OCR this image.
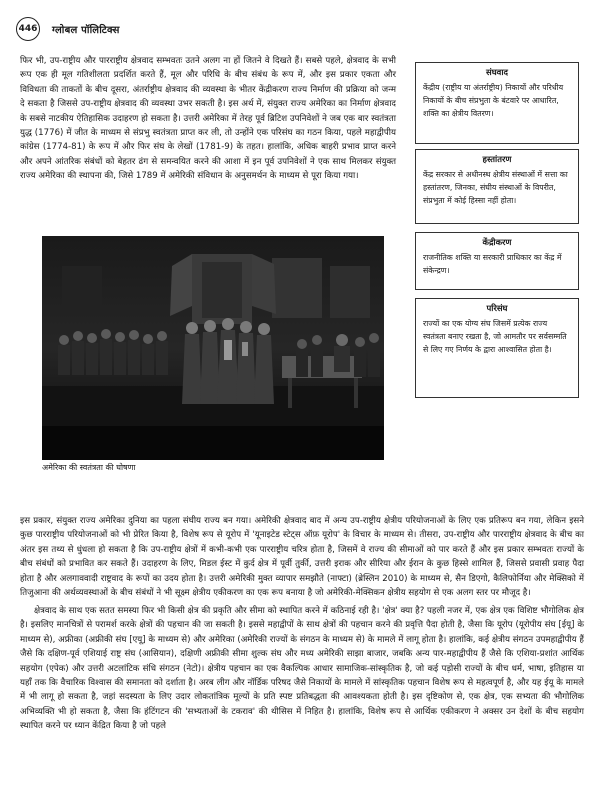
446 ग्लोबल पॉलिटिक्स

फिर भी, उप-राष्ट्रीय और पारराष्ट्रीय क्षेत्रवाद सम्भवतः उतने अलग ना हों जितने वे दिखते हैं। सबसे पहले, क्षेत्रवाद के सभी रूप एक ही मूल गतिशीलता प्रदर्शित करते हैं, मूल और परिधि के बीच संबंध के रूप में, और इस प्रकार एकता और विविधता की ताकतों के बीच दूसरा, अंतर्राष्ट्रीय क्षेत्रवाद की व्यवस्था के भीतर केंद्रीकरण राज्य निर्माण की प्रक्रिया को जन्म दे सकता है जिससे उप-राष्ट्रीय क्षेत्रवाद की व्यवस्था उभर सकती है। इस अर्थ में, संयुक्त राज्य अमेरिका का निर्माण क्षेत्रवाद के सबसे नाटकीय ऐतिहासिक उदाहरण हो सकता है। उत्तरी अमेरिका में तेरह पूर्व ब्रिटिश उपनिवेशों ने जब एक बार स्वतंत्रता युद्ध (1776) में जीत के माध्यम से संप्रभु स्वतंत्रता प्राप्त कर ली, तो उन्होंने एक परिसंघ का गठन किया, पहले महाद्वीपीय कांग्रेस (1774-81) के रूप में और फिर संघ के लेखों (1781-9) के तहत। हालांकि, अधिक बाहरी प्रभाव प्राप्त करने और अपने आंतरिक संबंधों को बेहतर ढंग से समन्वयित करने की आशा में इन पूर्व उपनिवेशों ने एक साथ मिलकर संयुक्त राज्य अमेरिका की स्थापना की, जिसे 1789 में अमेरिकी संविधान के अनुसमर्थन के माध्यम से पूरा किया गया।

संघवाद
केंद्रीय (राष्ट्रीय या अंतर्राष्ट्रीय) निकायों और परिधीय निकायों के बीच संप्रभुता के बंटवारे पर आधारित, शक्ति का क्षेत्रीय वितरण।
हस्तांतरण
केंद्र सरकार से अधीनस्थ क्षेत्रीय संस्थाओं में सत्ता का हस्तांतरण, जिनका, संघीय संस्थाओं के विपरीत, संप्रभुता में कोई हिस्सा नहीं होता।
केंद्रीकरण
राजनीतिक शक्ति या सरकारी प्राधिकार का केंद्र में संकेन्द्रण।
परिसंघ
राज्यों का एक योग्य संघ जिसमें प्रत्येक राज्य स्वतंत्रता बनाए रखता है, जो आमतौर पर सर्वसम्मति से लिए गए निर्णय के द्वारा आश्वासित होता है।
अमेरिका की स्वतंत्रता की घोषणा

इस प्रकार, संयुक्त राज्य अमेरिका दुनिया का पहला संघीय राज्य बन गया। अमेरिकी क्षेत्रवाद बाद में अन्य उप-राष्ट्रीय क्षेत्रीय परियोजनाओं के लिए एक प्रतिरूप बन गया, लेकिन इसने कुछ पारराष्ट्रीय परियोजनाओं को भी प्रेरित किया है, विशेष रूप से यूरोप में 'यूनाइटेड स्टेट्स ऑफ़ यूरोप' के विचार के माध्यम से। तीसरा, उप-राष्ट्रीय और पारराष्ट्रीय क्षेत्रवाद के बीच का अंतर इस तथ्य से धुंधला हो सकता है कि उप-राष्ट्रीय क्षेत्रों में कभी-कभी एक पारराष्ट्रीय चरित्र होता है, जिसमें वे राज्य की सीमाओं को पार करते हैं और इस प्रकार सम्भवतः राज्यों के बीच संबंधों को प्रभावित कर सकते हैं। उदाहरण के लिए, मिडल ईस्ट में कुर्द क्षेत्र में पूर्वी तुर्की, उत्तरी इराक और सीरिया और ईरान के कुछ हिस्से शामिल हैं, जिससे प्रवासी प्रवाह पैदा होता है और अलगाववादी राष्ट्रवाद के रूपों का उदय होता है। उत्तरी अमेरिकी मुक्त व्यापार समझौते (नाफ्टा) (ब्रेस्लिन 2010) के माध्यम से, सैन डिएगो, कैलिफोर्निया और मेक्सिको में तिजुआना की अर्थव्यवस्थाओं के बीच संबंधों ने भी सूक्ष्म क्षेत्रीय एकीकरण का एक रूप बनाया है जो अमेरिकी-मेक्सिकन क्षेत्रीय सहयोग से एक अलग स्तर पर मौजूद है।

क्षेत्रवाद के साथ एक सतत समस्या फिर भी किसी क्षेत्र की प्रकृति और सीमा को स्थापित करने में कठिनाई रही है। 'क्षेत्र' क्या है? पहली नजर में, एक क्षेत्र एक विशिष्ट भौगोलिक क्षेत्र है। इसलिए मानचित्रों से परामर्श करके क्षेत्रों की पहचान की जा सकती है। इससे महाद्वीपों के साथ क्षेत्रों की पहचान करने की प्रवृत्ति पैदा होती है, जैसा कि यूरोप (यूरोपीय संघ [ईयू] के माध्यम से), अफ्रीका (अफ्रीकी संघ [एयू] के माध्यम से) और अमेरिका (अमेरिकी राज्यों के संगठन के माध्यम से) के मामले में लागू होता है। हालांकि, कई क्षेत्रीय संगठन उपमहाद्वीपीय हैं जैसे कि दक्षिण-पूर्व एशियाई राष्ट्र संघ (आसियान), दक्षिणी अफ्रीकी सीमा शुल्क संघ और मध्य अमेरिकी साझा बाजार, जबकि अन्य पार-महाद्वीपीय हैं जैसे कि एशिया-प्रशांत आर्थिक सहयोग (एपेक) और उत्तरी अटलांटिक संधि संगठन (नेटो)। क्षेत्रीय पहचान का एक वैकल्पिक आधार सामाजिक-सांस्कृतिक है, जो कई पड़ोसी राज्यों के बीच धर्म, भाषा, इतिहास या यहाँ तक कि वैचारिक विश्वास की समानता को दर्शाता है। अरब लीग और नॉर्डिक परिषद जैसे निकायों के मामले में सांस्कृतिक पहचान विशेष रूप से महत्वपूर्ण है, और यह ईयू के मामले में भी लागू हो सकता है, जहां सदस्यता के लिए उदार लोकतांत्रिक मूल्यों के प्रति स्पष्ट प्रतिबद्धता की आवश्यकता होती है। इस दृष्टिकोण से, एक क्षेत्र, एक सभ्यता की भौगोलिक अभिव्यक्ति भी हो सकता है, जैसा कि हंटिंगटन की 'सभ्यताओं के टकराव' की थीसिस में निहित है। हालांकि, विशेष रूप से आर्थिक एकीकरण ने अक्सर उन देशों के बीच सहयोग स्थापित करने पर ध्यान केंद्रित किया है जो पहले
